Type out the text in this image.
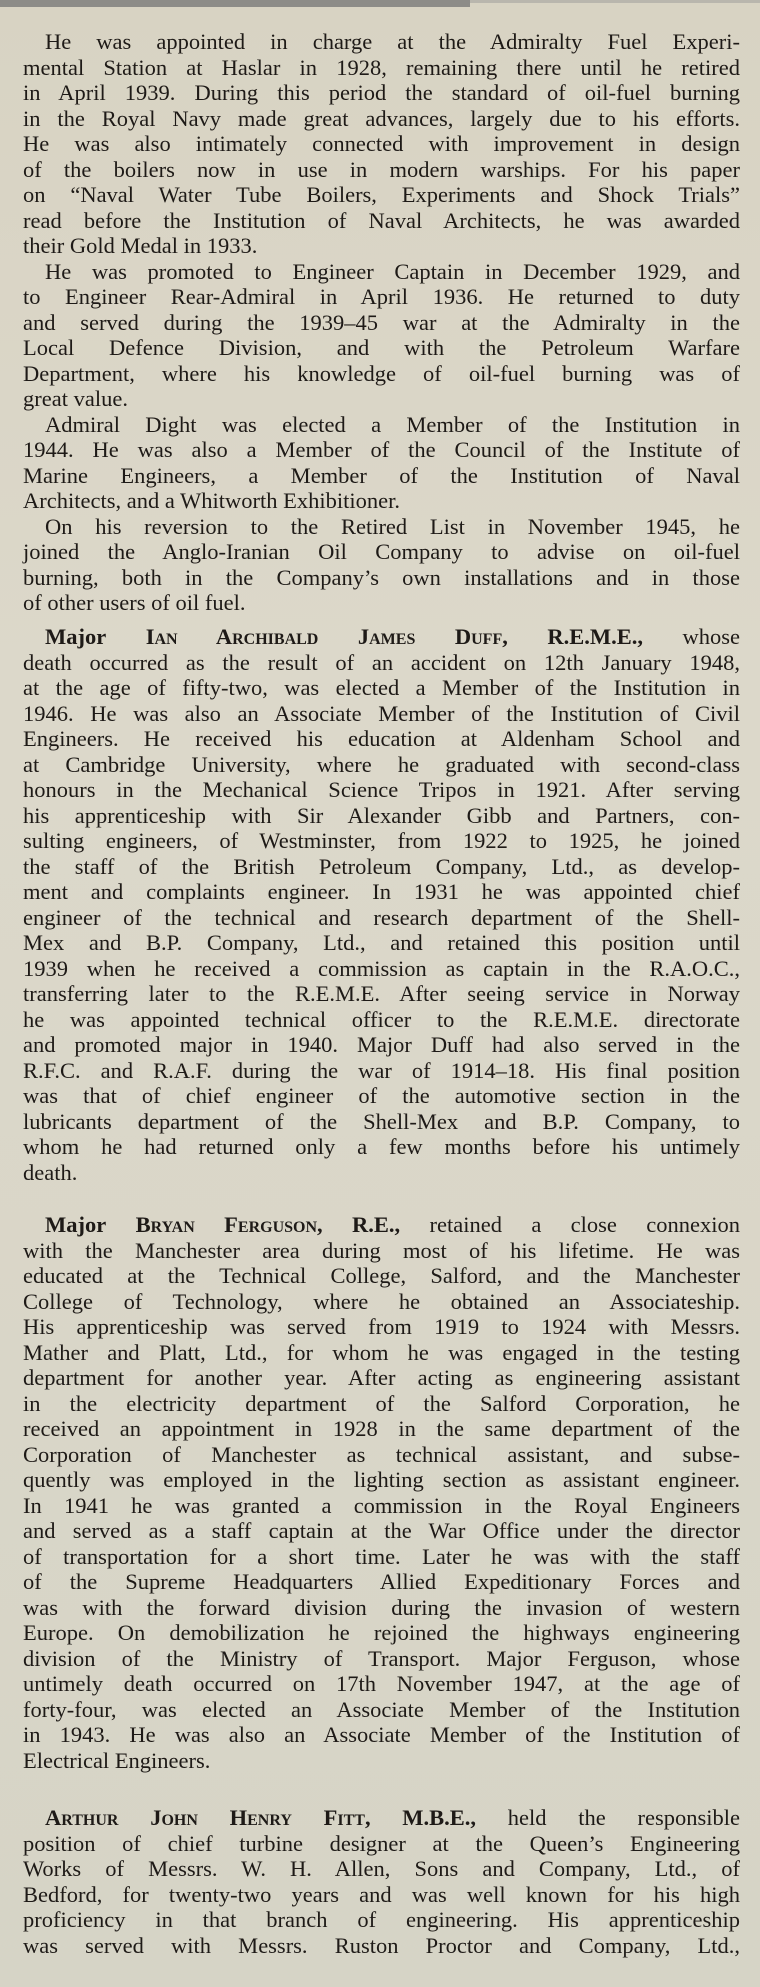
He was appointed in charge at the Admiralty Fuel Experi-
mental Station at Haslar in 1928, remaining there until he retired
in April 1939. During this period the standard of oil-fuel burning
in the Royal Navy made great advances, largely due to his efforts.
He was also intimately connected with improvement in design
of the boilers now in use in modern warships. For his paper
on “Naval Water Tube Boilers, Experiments and Shock Trials”
read before the Institution of Naval Architects, he was awarded
their Gold Medal in 1933.
He was promoted to Engineer Captain in December 1929, and
to Engineer Rear-Admiral in April 1936. He returned to duty
and served during the 1939–45 war at the Admiralty in the
Local Defence Division, and with the Petroleum Warfare
Department, where his knowledge of oil-fuel burning was of
great value.
Admiral Dight was elected a Member of the Institution in
1944. He was also a Member of the Council of the Institute of
Marine Engineers, a Member of the Institution of Naval
Architects, and a Whitworth Exhibitioner.
On his reversion to the Retired List in November 1945, he
joined the Anglo-Iranian Oil Company to advise on oil-fuel
burning, both in the Company’s own installations and in those
of other users of oil fuel.
Major Ian Archibald James Duff, R.E.M.E., whose
death occurred as the result of an accident on 12th January 1948,
at the age of fifty-two, was elected a Member of the Institution in
1946. He was also an Associate Member of the Institution of Civil
Engineers. He received his education at Aldenham School and
at Cambridge University, where he graduated with second-class
honours in the Mechanical Science Tripos in 1921. After serving
his apprenticeship with Sir Alexander Gibb and Partners, con-
sulting engineers, of Westminster, from 1922 to 1925, he joined
the staff of the British Petroleum Company, Ltd., as develop-
ment and complaints engineer. In 1931 he was appointed chief
engineer of the technical and research department of the Shell-
Mex and B.P. Company, Ltd., and retained this position until
1939 when he received a commission as captain in the R.A.O.C.,
transferring later to the R.E.M.E. After seeing service in Norway
he was appointed technical officer to the R.E.M.E. directorate
and promoted major in 1940. Major Duff had also served in the
R.F.C. and R.A.F. during the war of 1914–18. His final position
was that of chief engineer of the automotive section in the
lubricants department of the Shell-Mex and B.P. Company, to
whom he had returned only a few months before his untimely
death.
Major Bryan Ferguson, R.E., retained a close connexion
with the Manchester area during most of his lifetime. He was
educated at the Technical College, Salford, and the Manchester
College of Technology, where he obtained an Associateship.
His apprenticeship was served from 1919 to 1924 with Messrs.
Mather and Platt, Ltd., for whom he was engaged in the testing
department for another year. After acting as engineering assistant
in the electricity department of the Salford Corporation, he
received an appointment in 1928 in the same department of the
Corporation of Manchester as technical assistant, and subse-
quently was employed in the lighting section as assistant engineer.
In 1941 he was granted a commission in the Royal Engineers
and served as a staff captain at the War Office under the director
of transportation for a short time. Later he was with the staff
of the Supreme Headquarters Allied Expeditionary Forces and
was with the forward division during the invasion of western
Europe. On demobilization he rejoined the highways engineering
division of the Ministry of Transport. Major Ferguson, whose
untimely death occurred on 17th November 1947, at the age of
forty-four, was elected an Associate Member of the Institution
in 1943. He was also an Associate Member of the Institution of
Electrical Engineers.
Arthur John Henry Fitt, M.B.E., held the responsible
position of chief turbine designer at the Queen’s Engineering
Works of Messrs. W. H. Allen, Sons and Company, Ltd., of
Bedford, for twenty-two years and was well known for his high
proficiency in that branch of engineering. His apprenticeship
was served with Messrs. Ruston Proctor and Company, Ltd.,
